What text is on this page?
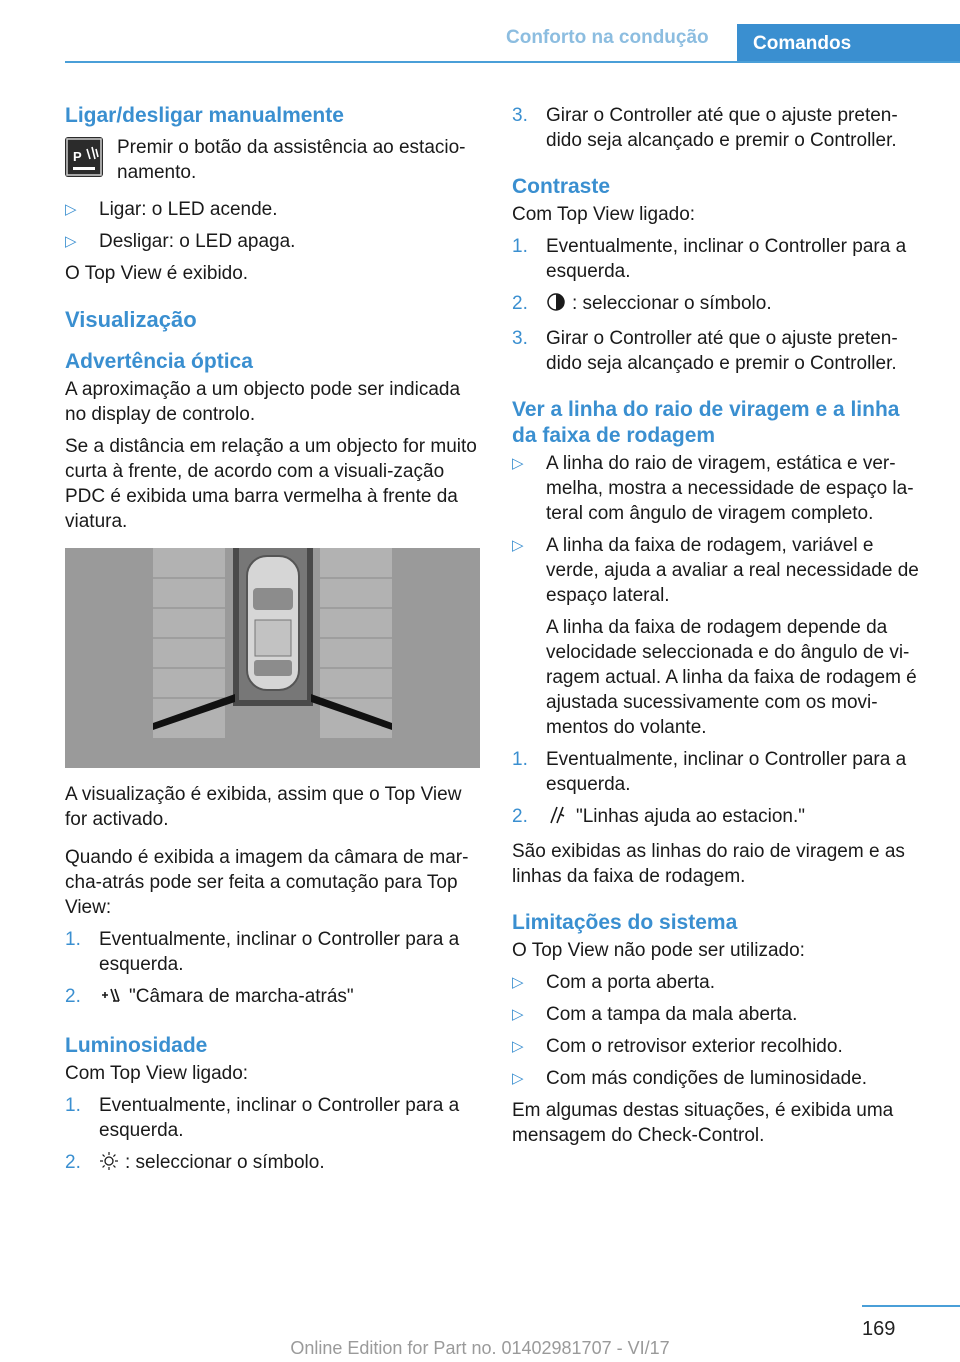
Conforto na condução	Comandos
Ligar/desligar manualmente
P Premir o botão da assistência ao estacio-namento.
▷ Ligar: o LED acende.
▷ Desligar: o LED apaga.

O Top View é exibido.

Visualização
Advertência óptica

A aproximação a um objecto pode ser indicada no display de controlo.

Se a distância em relação a um objecto for muito curta à frente, de acordo com a visuali-zação PDC é exibida uma barra vermelha à frente da viatura.

A visualização é exibida, assim que o Top View for activado.

Quando é exibida a imagem da câmara de mar-cha-atrás pode ser feita a comutação para Top View:

1. Eventualmente, inclinar o Controller para a esquerda.
2.	"Câmara de marcha-atrás"
Luminosidade

Com Top View ligado:

1. Eventualmente, inclinar o Controller para a esquerda.
2. : seleccionar o símbolo.
3. Girar o Controller até que o ajuste preten-dido seja alcançado e premir o Controller.
Contraste

Com Top View ligado:

1. Eventualmente, inclinar o Controller para a esquerda.
2. : seleccionar o símbolo.
3. Girar o Controller até que o ajuste preten-dido seja alcançado e premir o Controller.
Ver a linha do raio de viragem e a linha da faixa de rodagem
▷ A linha do raio de viragem, estática e ver-melha, mostra a necessidade de espaço la-teral com ângulo de viragem completo.
▷ A linha da faixa de rodagem, variável e verde, ajuda a avaliar a real necessidade de espaço lateral.
A linha da faixa de rodagem depende da velocidade seleccionada e do ângulo de vi-ragem actual. A linha da faixa de rodagem é ajustada sucessivamente com os movi-mentos do volante.
1. Eventualmente, inclinar o Controller para a esquerda.
2.	"Linhas ajuda ao estacion."

São exibidas as linhas do raio de viragem e as linhas da faixa de rodagem.

Limitações do sistema

O Top View não pode ser utilizado:

▷ Com a porta aberta.
▷ Com a tampa da mala aberta.
▷ Com o retrovisor exterior recolhido.
▷ Com más condições de luminosidade.

Em algumas destas situações, é exibida uma mensagem do Check-Control.

169
Online Edition for Part no. 01402981707 - VI/17
